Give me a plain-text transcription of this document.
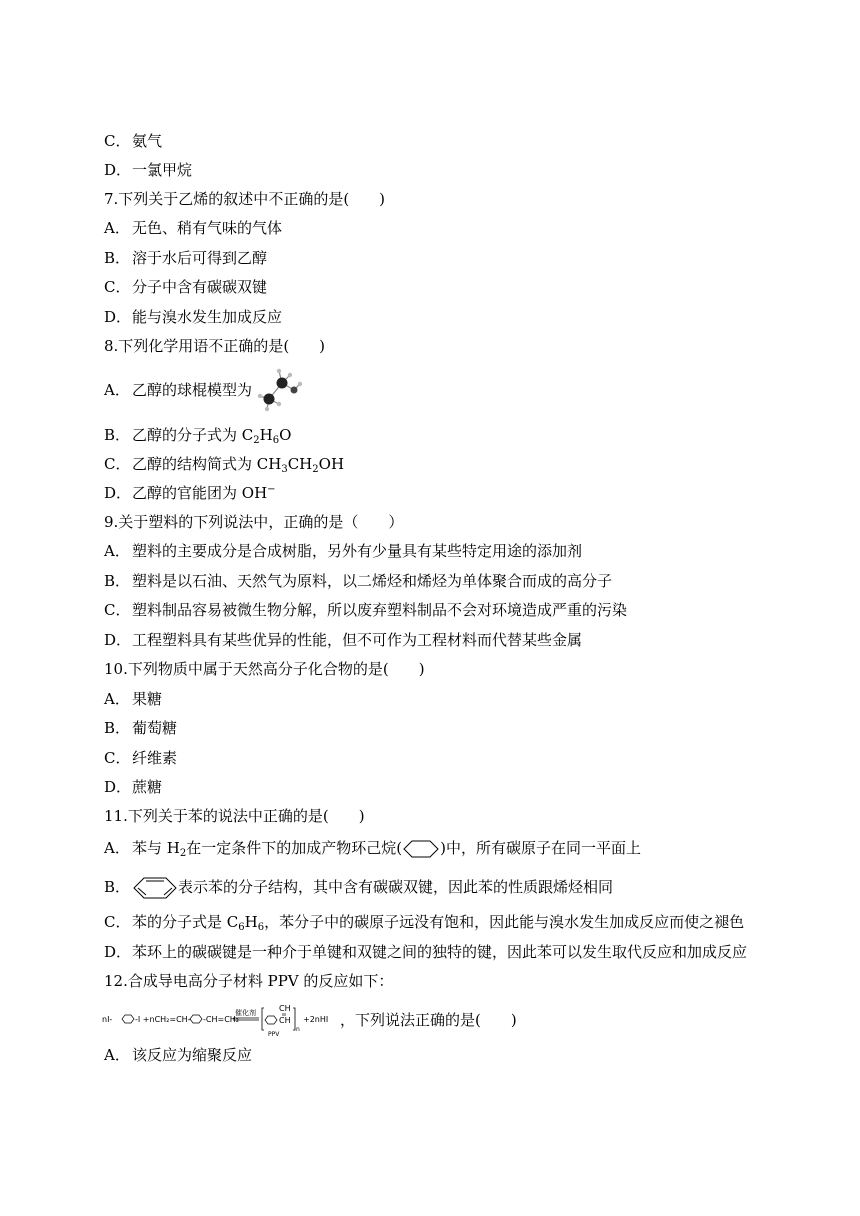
C． 氨气
D．一氯甲烷
7.下列关于乙烯的叙述中不正确的是(　　)
A． 无色、稍有气味的气体
B． 溶于水后可得到乙醇
C． 分子中含有碳碳双键
D．能与溴水发生加成反应
8.下列化学用语不正确的是(　　)
A． 乙醇的球棍模型为
B． 乙醇的分子式为 $C_2H_6O$
C． 乙醇的结构简式为 $CH_3CH_2OH$
D．乙醇的官能团为 OH−
9.关于塑料的下列说法中，正确的是（　　）
A． 塑料的主要成分是合成树脂，另外有少量具有某些特定用途的添加剂
B． 塑料是以石油、天然气为原料，以二烯烃和烯烃为单体聚合而成的高分子
C． 塑料制品容易被微生物分解，所以废弃塑料制品不会对环境造成严重的污染
D．工程塑料具有某些优异的性能，但不可作为工程材料而代替某些金属
10.下列物质中属于天然高分子化合物的是(　　)
A． 果糖
B． 葡萄糖
C． 纤维素
D．蔗糖
11.下列关于苯的说法中正确的是(　　)
A． 苯与 $H_2$在一定条件下的加成产物环己烷(	)中，所有碳原子在同一平面上
B．	表示苯的分子结构，其中含有碳碳双键，因此苯的性质跟烯烃相同
C． 苯的分子式是 $C_6H_6$，苯分子中的碳原子远没有饱和，因此能与溴水发生加成反应而使之褪色
D．苯环上的碳碳键是一种介于单键和双键之间的独特的键，因此苯可以发生取代反应和加成反应
12.合成导电高分子材料 PPV 的反应如下：
nI-	-I +nCH₂=CH- -CH=CH₂
催化剂	CH
CH
n
PPV
+2nHI ，下列说法正确的是(　　)
A． 该反应为缩聚反应
